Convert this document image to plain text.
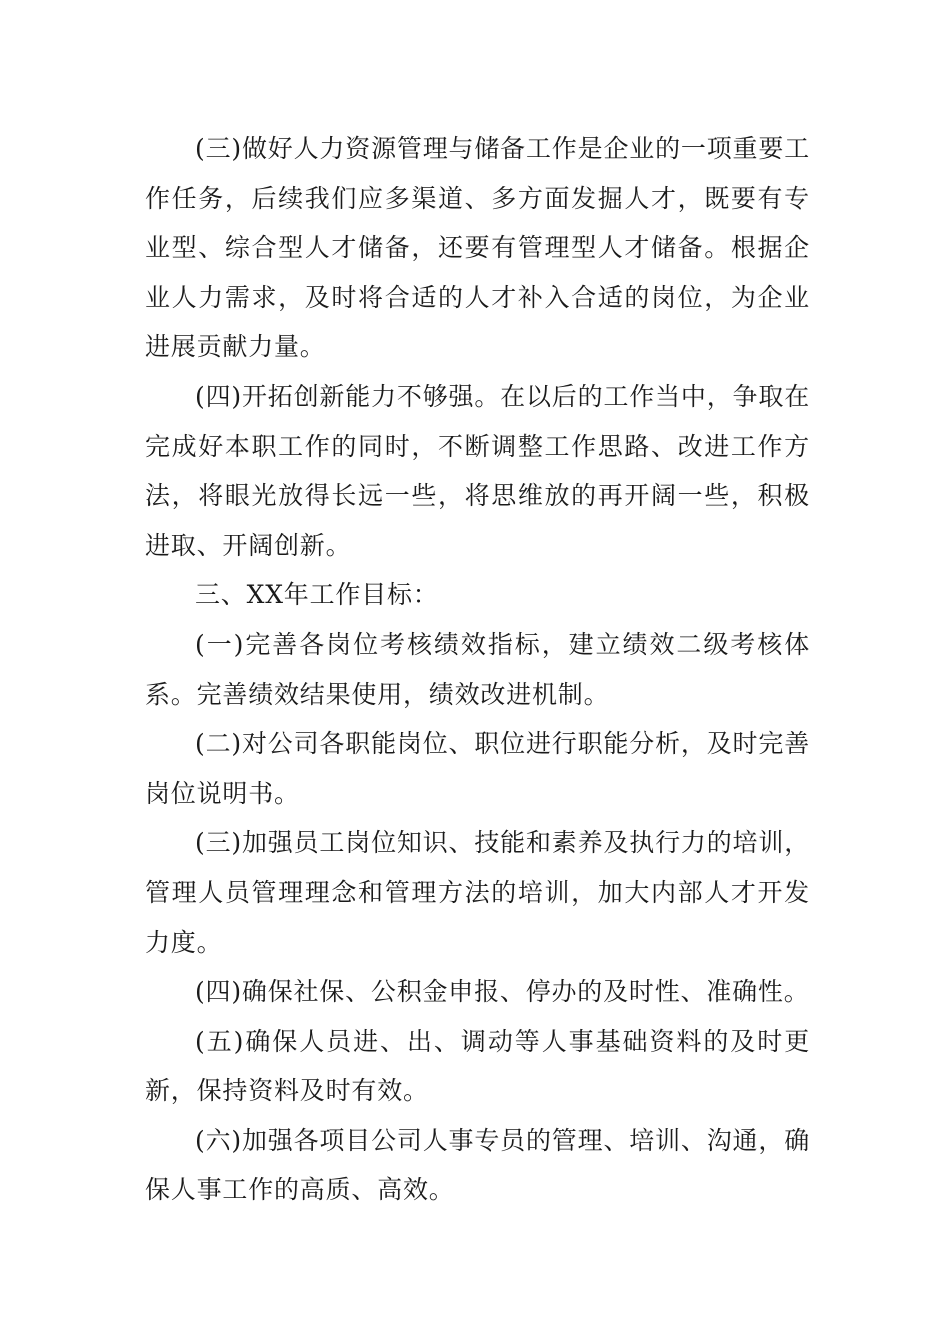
(三)做好人力资源管理与储备工作是企业的一项重要工作任务，后续我们应多渠道、多方面发掘人才，既要有专业型、综合型人才储备，还要有管理型人才储备。根据企业人力需求，及时将合适的人才补入合适的岗位，为企业进展贡献力量。

(四)开拓创新能力不够强。在以后的工作当中，争取在完成好本职工作的同时，不断调整工作思路、改进工作方法，将眼光放得长远一些，将思维放的再开阔一些，积极进取、开阔创新。

三、XX年工作目标：

(一)完善各岗位考核绩效指标，建立绩效二级考核体系。完善绩效结果使用，绩效改进机制。

(二)对公司各职能岗位、职位进行职能分析，及时完善岗位说明书。

(三)加强员工岗位知识、技能和素养及执行力的培训，管理人员管理理念和管理方法的培训，加大内部人才开发力度。

(四)确保社保、公积金申报、停办的及时性、准确性。

(五)确保人员进、出、调动等人事基础资料的及时更新，保持资料及时有效。

(六)加强各项目公司人事专员的管理、培训、沟通，确保人事工作的高质、高效。
